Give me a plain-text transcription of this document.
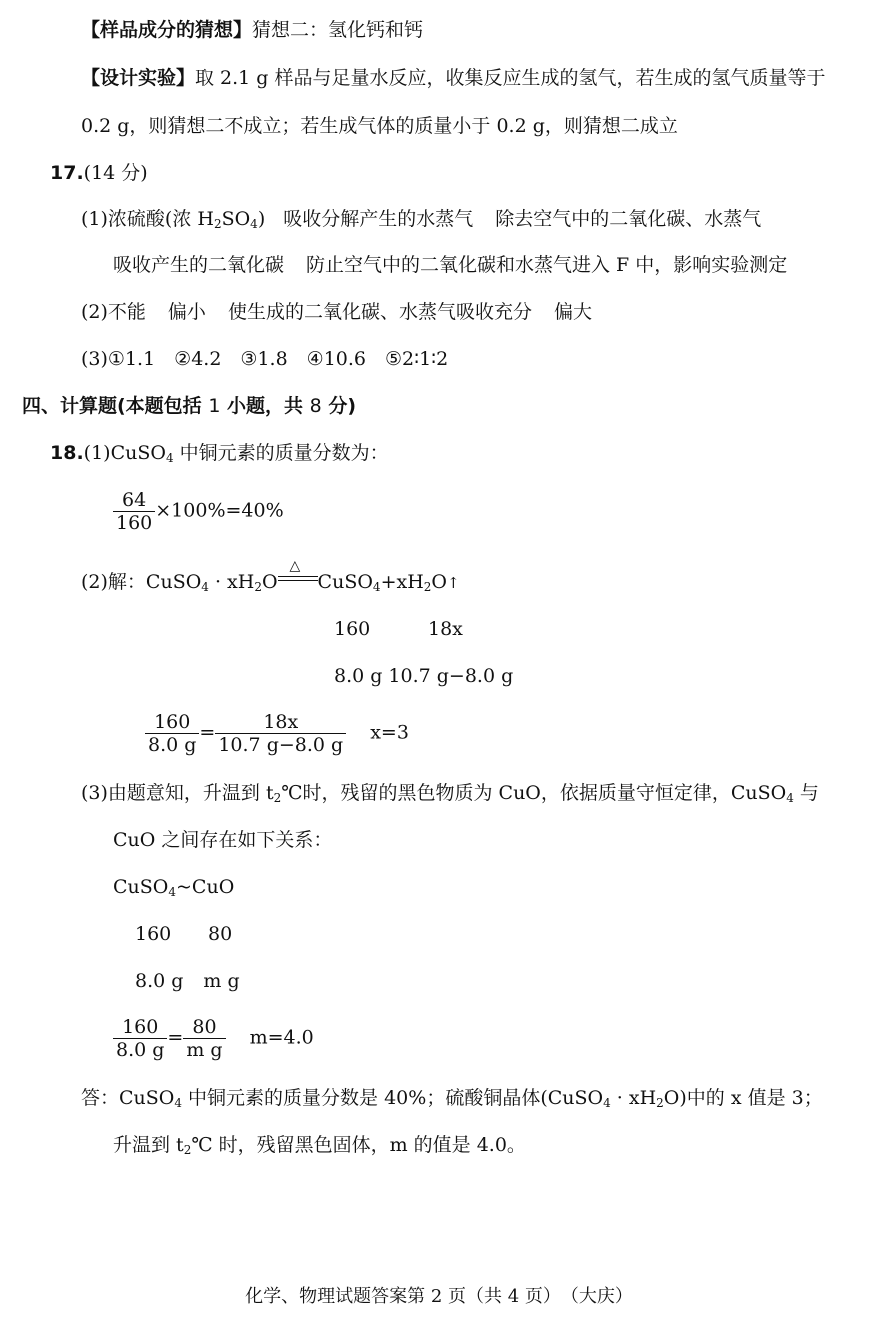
【样品成分的猜想】猜想二：氢化钙和钙
【设计实验】取 2.1 g 样品与足量水反应，收集反应生成的氢气，若生成的氢气质量等于
0.2 g，则猜想二不成立；若生成气体的质量小于 0.2 g，则猜想二成立
17.(14 分)
(1)浓硫酸(浓 $H_2SO_4$) 吸收分解产生的水蒸气 除去空气中的二氧化碳、水蒸气
吸收产生的二氧化碳 防止空气中的二氧化碳和水蒸气进入 F 中，影响实验测定
(2)不能 偏小 使生成的二氧化碳、水蒸气吸收充分 偏大
(3)①1.1　②4.2　③1.8　④10.6　⑤2∶1∶2
四、计算题(本题包括 1 小题，共 8 分)
18.(1)CuSO$_4$ 中铜元素的质量分数为：
$\frac{64}{160} \times 100\%=40\%$
(2)解：CuSO$_4$ · $xH_2O$
△
$CuSO_4+xH_2O↑$
160	18x
8.0 g 10.7 g−8.0 g
$\frac{160}{8.0 g} = \frac{18x}{10.7 g-8.0 g} x=3$
(3)由题意知，升温到 $t_2℃$时，残留的黑色物质为 CuO，依据质量守恒定律，CuSO$_4$ 与
CuO 之间存在如下关系：
CuSO$_4$~CuO
160 80
8.0 g m g
$\frac{160}{8.0 g} = \frac{80}{\text{m g}} m=4.0$
答：CuSO$_4$ 中铜元素的质量分数是 40%；硫酸铜晶体(CuSO$_4$ · $xH_2O$)中的 x 值是 3；
升温到 $t_2℃$ 时，残留黑色固体，m 的值是 4.0。
化学、物理试题答案第 2 页（共 4 页）　（大庆）
